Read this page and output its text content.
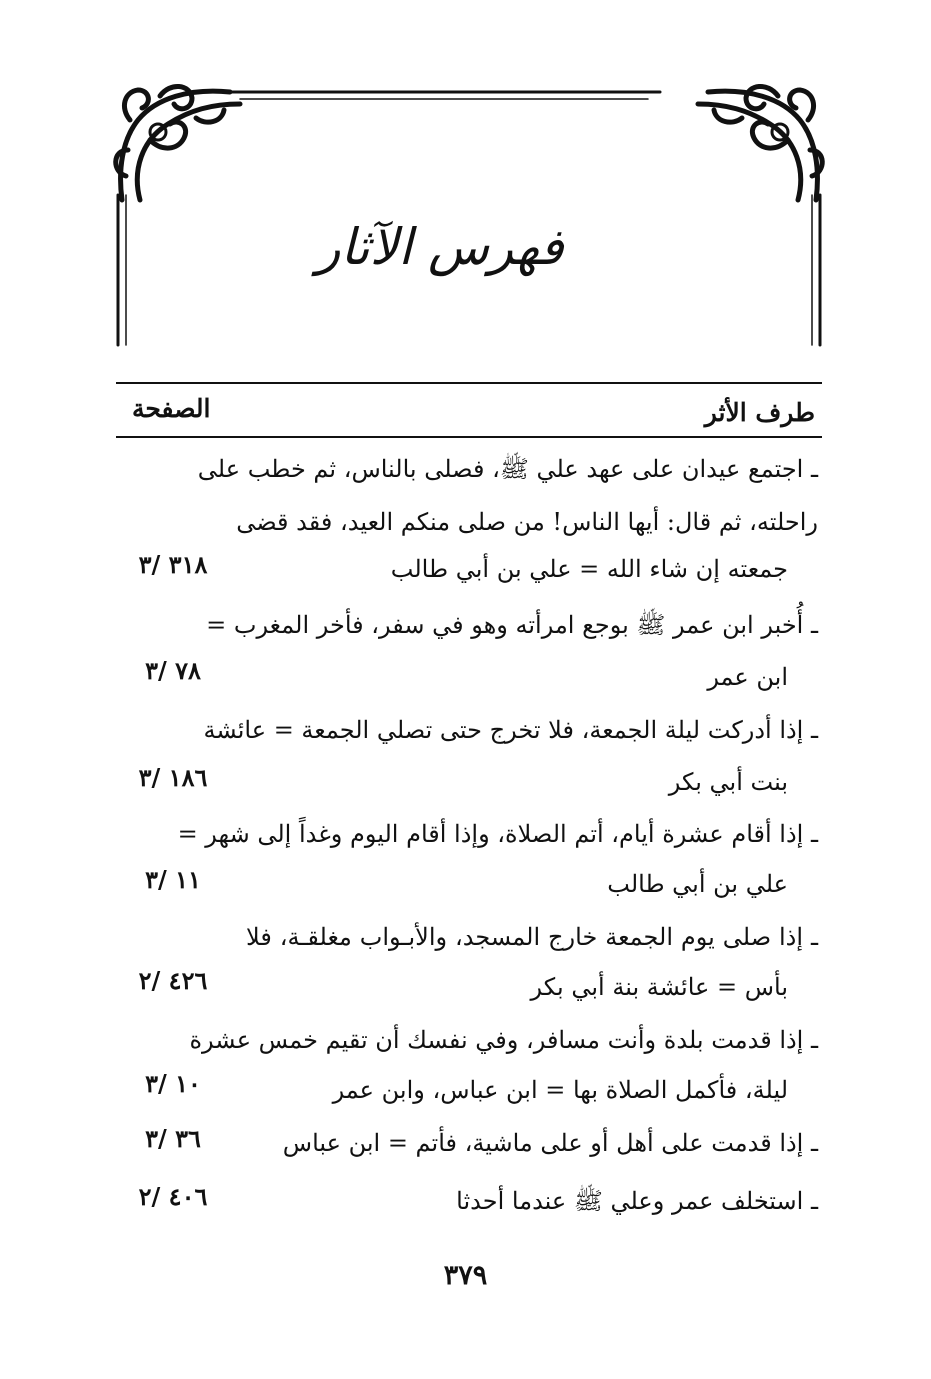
فهرس الآثار
طرف الأثر
الصفحة
ـ اجتمع عيدان على عهد علي ﷺ، فصلى بالناس، ثم خطب على
راحلته، ثم قال: أيها الناس! من صلى منكم العيد، فقد قضى
جمعته إن شاء الله = علي بن أبي طالب
٣١٨ /٣
ـ أُخبر ابن عمر ﷺ بوجع امرأته وهو في سفر، فأخر المغرب =
ابن عمر
٧٨ /٣
ـ إذا أدركت ليلة الجمعة، فلا تخرج حتى تصلي الجمعة = عائشة
بنت أبي بكر
١٨٦ /٣
ـ إذا أقام عشرة أيام، أتم الصلاة، وإذا أقام اليوم وغداً إلى شهر =
علي بن أبي طالب
١١ /٣
ـ إذا صلى يوم الجمعة خارج المسجد، والأبـواب مغلقـة، فلا
بأس = عائشة بنة أبي بكر
٤٢٦ /٢
ـ إذا قدمت بلدة وأنت مسافر، وفي نفسك أن تقيم خمس عشرة
ليلة، فأكمل الصلاة بها = ابن عباس، وابن عمر
١٠ /٣
ـ إذا قدمت على أهل أو على ماشية، فأتم = ابن عباس
٣٦ /٣
ـ استخلف عمر وعلي ﷺ عندما أحدثا
٤٠٦ /٢
٣٧٩
